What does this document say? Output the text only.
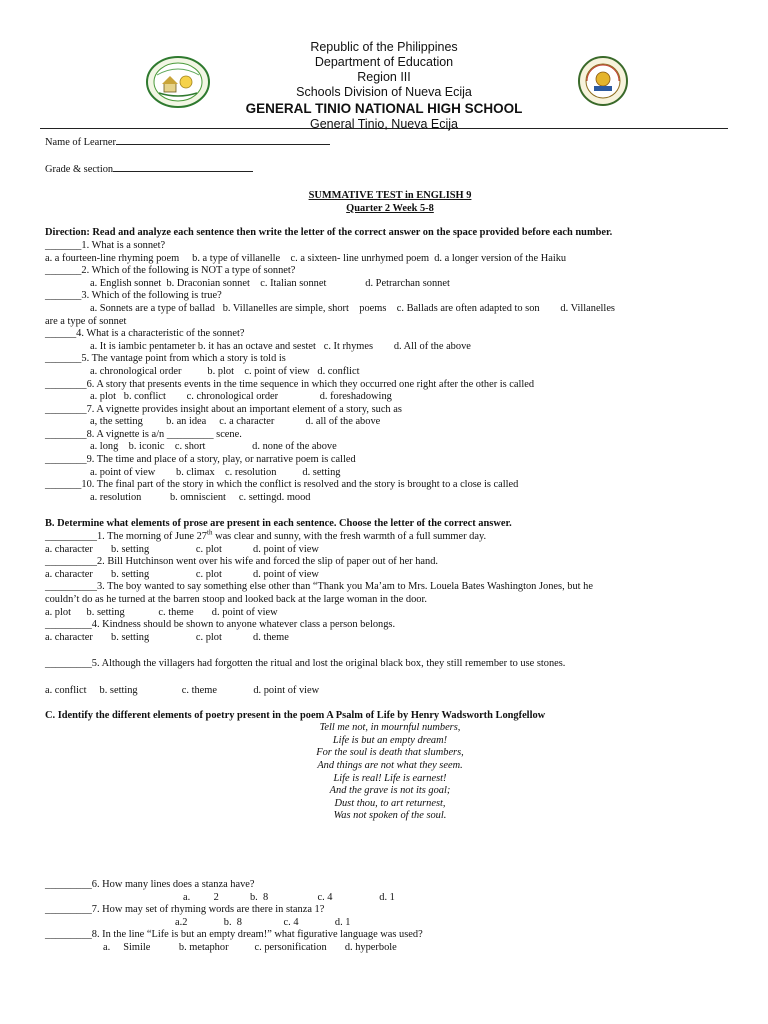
Republic of the Philippines
Department of Education
Region III
Schools Division of Nueva Ecija
GENERAL TINIO NATIONAL HIGH SCHOOL
General Tinio, Nueva Ecija

Name of Learner

Grade & section

SUMMATIVE TEST in ENGLISH 9

Quarter 2 Week 5-8

Direction: Read and analyze each sentence then write the letter of the correct answer on the space provided before each number.

_______1. What is a sonnet?

a. a fourteen-line rhyming poem     b. a type of villanelle    c. a sixteen- line unrhymed poem  d. a longer version of the Haiku

_______2. Which of the following is NOT a type of sonnet?

a. English sonnet  b. Draconian sonnet    c. Italian sonnet               d. Petrarchan sonnet

_______3. Which of the following is true?

a. Sonnets are a type of ballad   b. Villanelles are simple, short    poems    c. Ballads are often adapted to son        d. Villanelles

are a type of sonnet

______4. What is a characteristic of the sonnet?

a. It is iambic pentameter b. it has an octave and sestet   c. It rhymes        d. All of the above

_______5. The vantage point from which a story is told is

a. chronological order          b. plot    c. point of view   d. conflict

________6. A story that presents events in the time sequence in which they occurred one right after the other is called

a. plot   b. conflict        c. chronological order                d. foreshadowing

________7. A vignette provides insight about an important element of a story, such as

a, the setting         b. an idea     c. a character            d. all of the above

________8. A vignette is a/n _________ scene.

a. long    b. iconic    c. short                  d. none of the above

________9. The time and place of a story, play, or narrative poem is called

a. point of view        b. climax    c. resolution          d. setting

_______10. The final part of the story in which the conflict is resolved and the story is brought to a close is called

a. resolution           b. omniscient     c. settingd. mood

B. Determine what elements of prose are present in each sentence. Choose the letter of the correct answer.

__________1. The morning of June 27th was clear and sunny, with the fresh warmth of a full summer day.

a. character       b. setting                  c. plot            d. point of view

__________2. Bill Hutchinson went over his wife and forced the slip of paper out of her hand.

a. character       b. setting                  c. plot            d. point of view

__________3. The boy wanted to say something else other than “Thank you Ma’am to Mrs. Louela Bates Washington Jones, but he

couldn’t do as he turned at the barren stoop and looked back at the large woman in the door.

a. plot      b. setting             c. theme       d. point of view

_________4. Kindness should be shown to anyone whatever class a person belongs.

a. character       b. setting                  c. plot            d. theme

_________5. Although the villagers had forgotten the ritual and lost the original black box, they still remember to use stones.

a. conflict     b. setting                 c. theme              d. point of view

C. Identify the different elements of poetry present in the poem A Psalm of Life by Henry Wadsworth Longfellow

Tell me not, in mournful numbers,

Life is but an empty dream!

For the soul is death that slumbers,

And things are not what they seem.

Life is real! Life is earnest!

And the grave is not its goal;

Dust thou, to art returnest,

Was not spoken of the soul.

_________6. How many lines does a stanza have?

a.         2            b.  8                   c. 4                  d. 1

_________7. How may set of rhyming words are there in stanza 1?

a.2              b.  8                c. 4              d. 1

_________8. In the line “Life is but an empty dream!” what figurative language was used?

a.     Simile           b. metaphor          c. personification       d. hyperbole
